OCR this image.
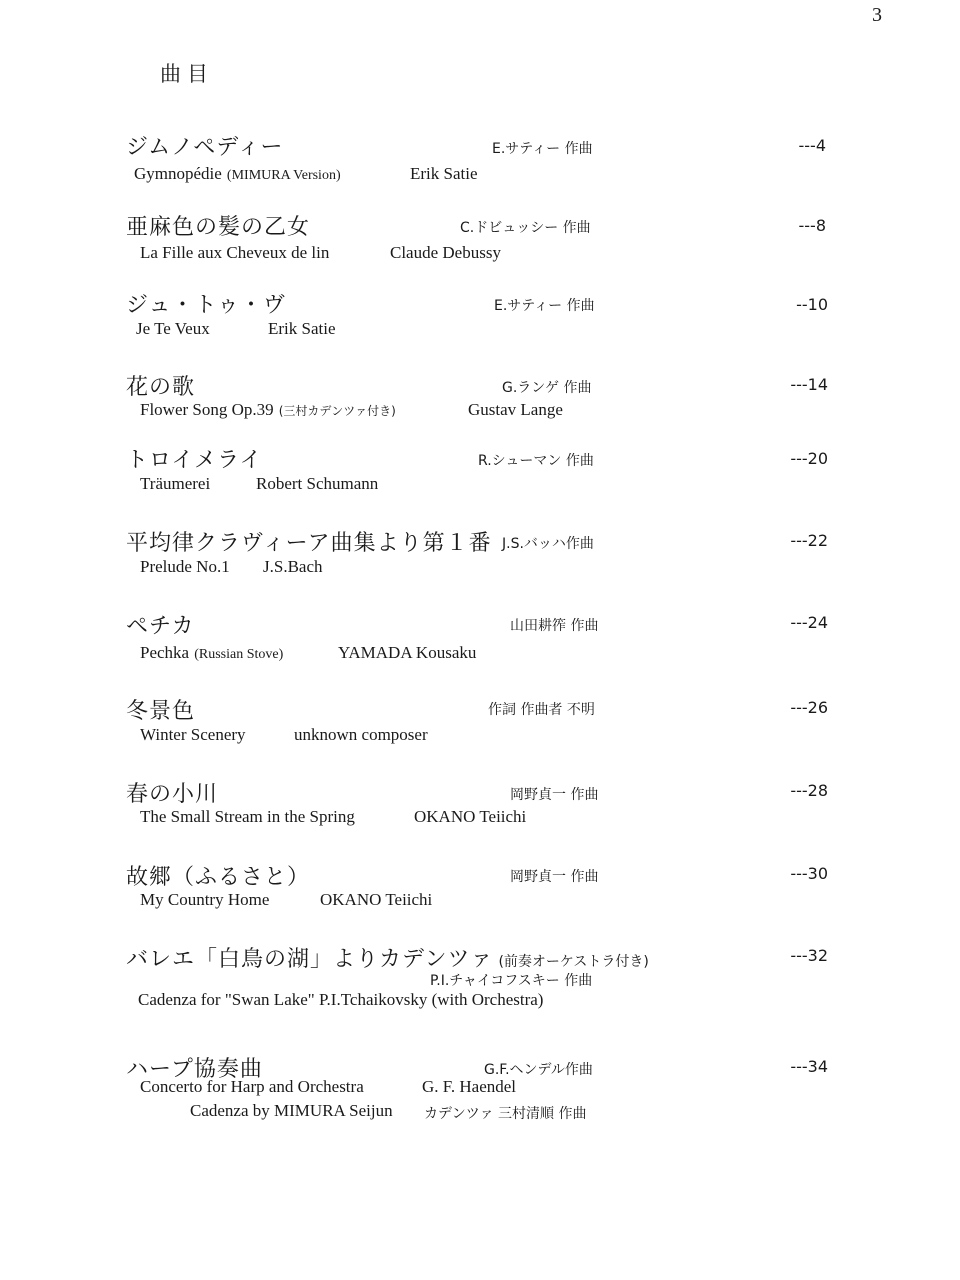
3
曲目
ジムノペディー	E.サティー 作曲	---4
Gymnopédie (MIMURA Version)	Erik Satie
亜麻色の髪の乙女	C.ドビュッシー 作曲	---8
La Fille aux Cheveux de lin	Claude Debussy
ジュ・トゥ・ヴ	E.サティー 作曲	--10
Je Te Veux	Erik Satie
花の歌	G.ランゲ 作曲	---14
Flower Song Op.39 (三村カデンツァ付き)	Gustav Lange
トロイメライ	R.シューマン 作曲	---20
Träumerei	Robert Schumann
平均律クラヴィーア曲集より第１番 J.S.バッハ作曲	---22
Prelude No.1 J.S.Bach
ペチカ	山田耕筰 作曲	---24
Pechka (Russian Stove)	YAMADA Kousaku
冬景色	作詞 作曲者 不明	---26
Winter Scenery	unknown composer
春の小川	岡野貞一 作曲	---28
The Small Stream in the Spring	OKANO Teiichi
故郷（ふるさと）	岡野貞一 作曲	---30
My Country Home	OKANO Teiichi
バレエ「白鳥の湖」よりカデンツァ (前奏オーケストラ付き)	---32
P.I.チャイコフスキー 作曲
Cadenza for "Swan Lake" P.I.Tchaikovsky (with Orchestra)
ハープ協奏曲	G.F.ヘンデル作曲	---34
Concerto for Harp and Orchestra	G. F. Haendel
Cadenza by MIMURA Seijun カデンツァ 三村清順 作曲
